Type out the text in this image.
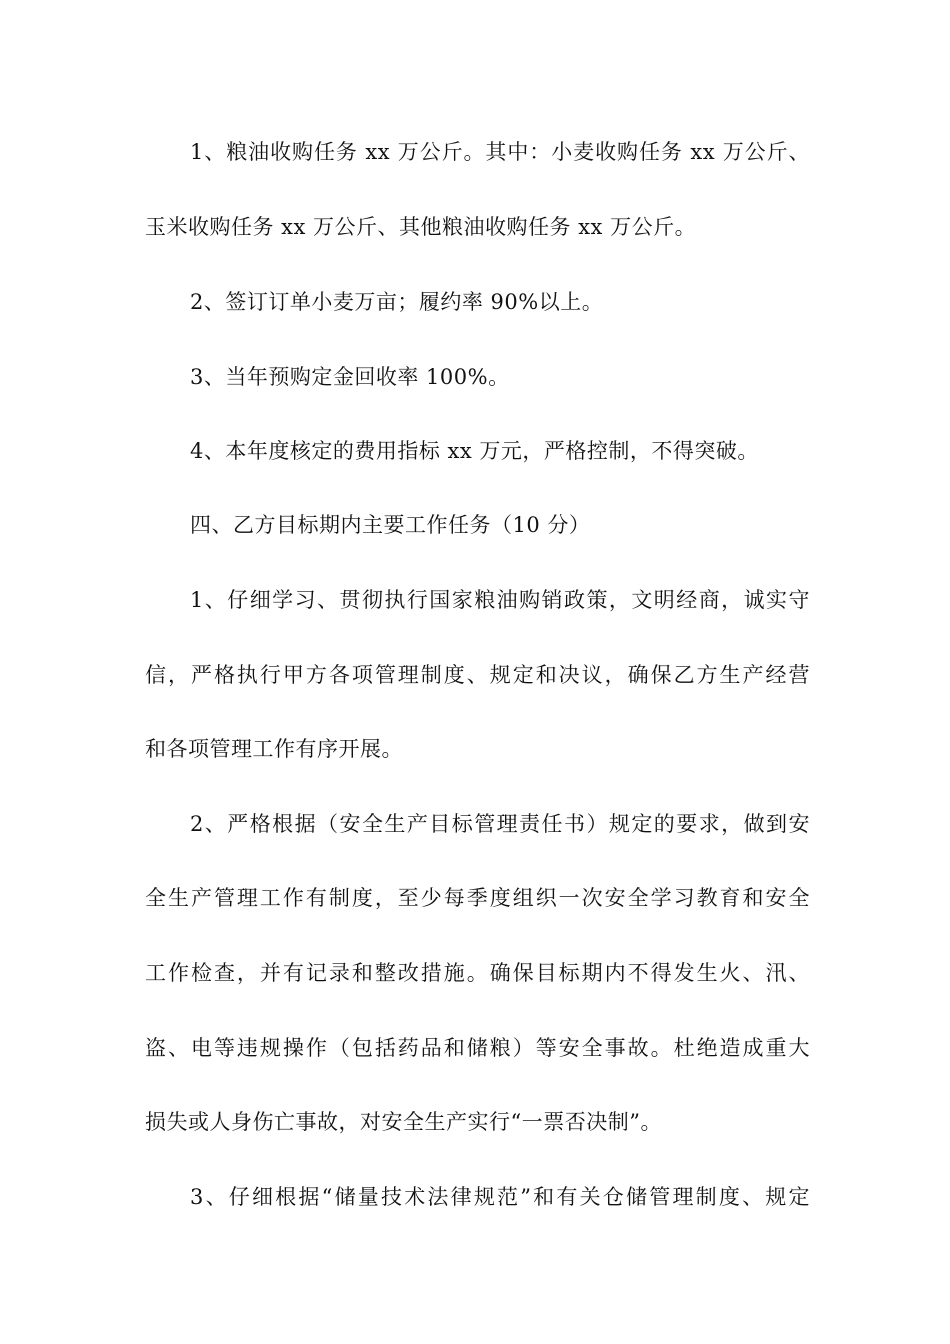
1、粮油收购任务 xx 万公斤。其中：小麦收购任务 xx 万公斤、
玉米收购任务 xx 万公斤、其他粮油收购任务 xx 万公斤。
2、签订订单小麦万亩；履约率 90%以上。
3、当年预购定金回收率 100%。
4、本年度核定的费用指标 xx 万元，严格控制，不得突破。
四、乙方目标期内主要工作任务（10 分）
1、仔细学习、贯彻执行国家粮油购销政策，文明经商，诚实守
信，严格执行甲方各项管理制度、规定和决议，确保乙方生产经营
和各项管理工作有序开展。
2、严格根据（安全生产目标管理责任书）规定的要求，做到安
全生产管理工作有制度，至少每季度组织一次安全学习教育和安全
工作检查，并有记录和整改措施。确保目标期内不得发生火、汛、
盗、电等违规操作（包括药品和储粮）等安全事故。杜绝造成重大
损失或人身伤亡事故，对安全生产实行“一票否决制”。
3、仔细根据“储量技术法律规范”和有关仓储管理制度、规定
